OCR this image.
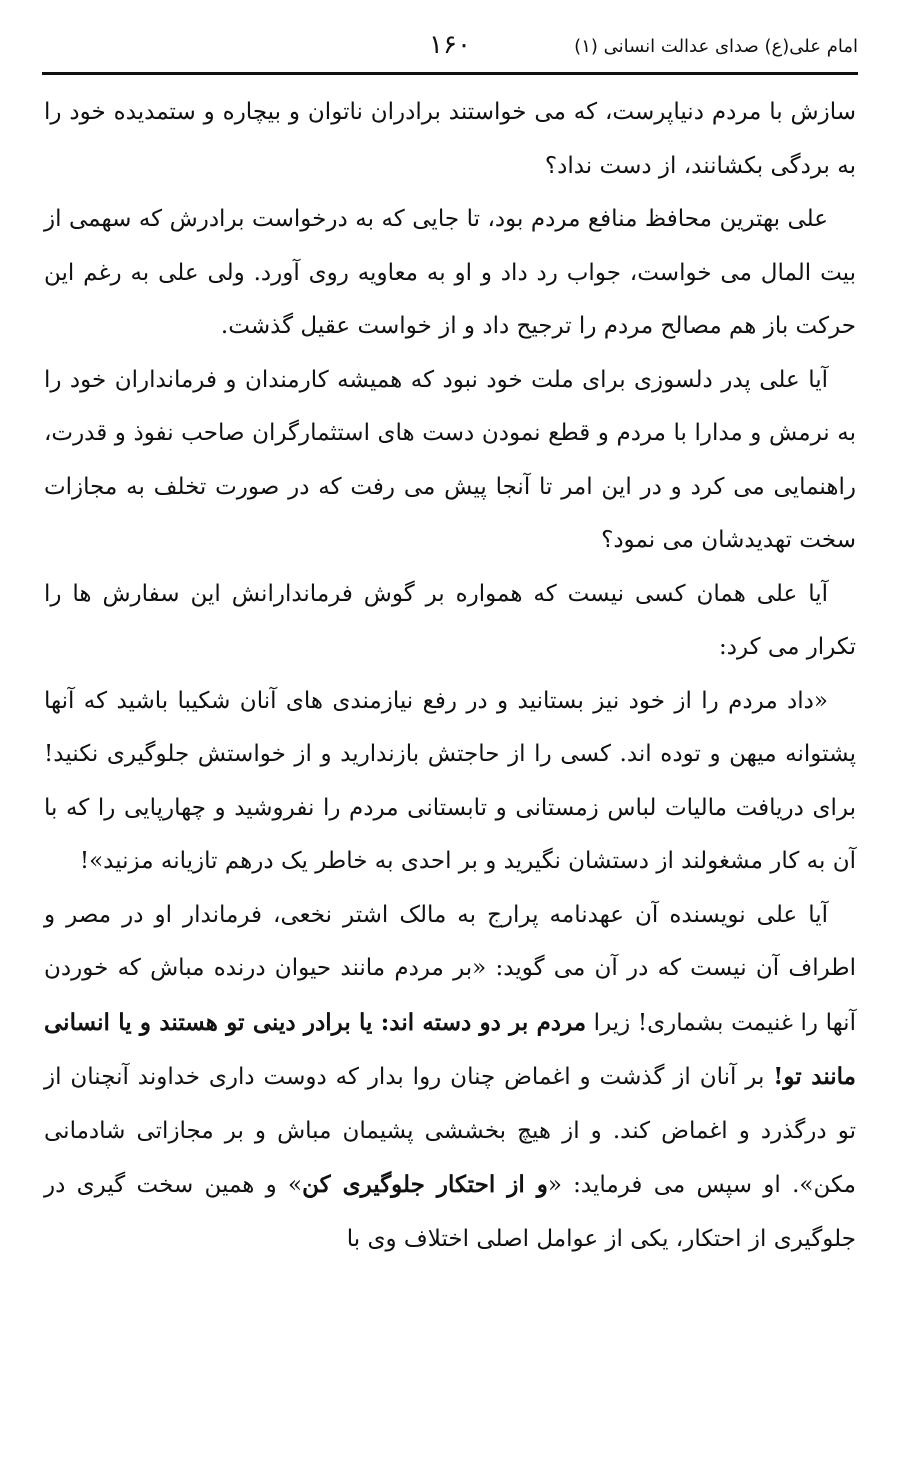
امام علی(ع) صدای عدالت انسانی (۱)
۱۶۰

سازش با مردم دنیاپرست، که می خواستند برادران ناتوان و بیچاره و ستمدیده خود را به بردگی بکشانند، از دست نداد؟

علی بهترین محافظ منافع مردم بود، تا جایی که به درخواست برادرش که سهمی از بیت المال می خواست، جواب رد داد و او به معاویه روی آورد. ولی علی به رغم این حرکت باز هم مصالح مردم را ترجیح داد و از خواست عقیل گذشت.

آیا علی پدر دلسوزی برای ملت خود نبود که همیشه کارمندان و فرمانداران خود را به نرمش و مدارا با مردم و قطع نمودن دست های استثمارگران صاحب نفوذ و قدرت، راهنمایی می کرد و در این امر تا آنجا پیش می رفت که در صورت تخلف به مجازات سخت تهدیدشان می نمود؟

آیا علی همان کسی نیست که همواره بر گوش فرماندارانش این سفارش ها را تکرار می کرد:

«داد مردم را از خود نیز بستانید و در رفع نیازمندی های آنان شکیبا باشید که آنها پشتوانه میهن و توده اند. کسی را از حاجتش بازندارید و از خواستش جلوگیری نکنید! برای دریافت مالیات لباس زمستانی و تابستانی مردم را نفروشید و چهارپایی را که با آن به کار مشغولند از دستشان نگیرید و بر احدی به خاطر یک درهم تازیانه مزنید»!

آیا علی نویسنده آن عهدنامه پرارج به مالک اشتر نخعی، فرماندار او در مصر و اطراف آن نیست که در آن می گوید: «بر مردم مانند حیوان درنده مباش که خوردن آنها را غنیمت بشماری! زیرا مردم بر دو دسته اند: یا برادر دینی تو هستند و یا انسانی مانند تو! بر آنان از گذشت و اغماض چنان روا بدار که دوست داری خداوند آنچنان از تو درگذرد و اغماض کند. و از هیچ بخششی پشیمان مباش و بر مجازاتی شادمانی مکن». او سپس می فرماید: «و از احتکار جلوگیری کن» و همین سخت گیری در جلوگیری از احتکار، یکی از عوامل اصلی اختلاف وی با
